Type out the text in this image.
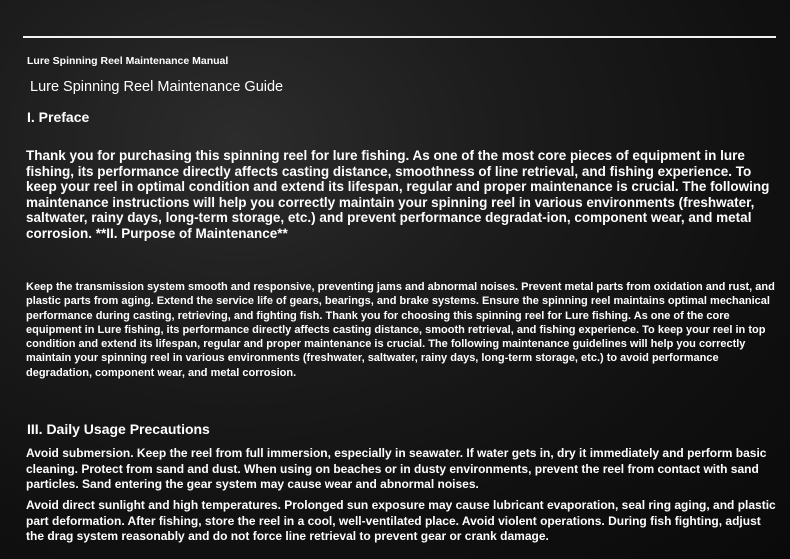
Lure Spinning Reel Maintenance Manual
Lure Spinning Reel Maintenance Guide
I. Preface
Thank you for purchasing this spinning reel for lure fishing. As one of the most core pieces of equipment in lure fishing, its performance directly affects casting distance, smoothness of line retrieval, and fishing experience. To keep your reel in optimal condition and extend its lifespan, regular and proper maintenance is crucial. The following maintenance instructions will help you correctly maintain your spinning reel in various environments (freshwater, saltwater, rainy days, long-term storage, etc.) and prevent performance degradat-ion, component wear, and metal corrosion. **II. Purpose of Maintenance**
Keep the transmission system smooth and responsive, preventing jams and abnormal noises. Prevent metal parts from oxidation and rust, and plastic parts from aging. Extend the service life of gears, bearings, and brake systems. Ensure the spinning reel maintains optimal mechanical performance during casting, retrieving, and fighting fish. Thank you for choosing this spinning reel for Lure fishing. As one of the core equipment in Lure fishing, its performance directly affects casting distance, smooth retrieval, and fishing experience. To keep your reel in top condition and extend its lifespan, regular and proper maintenance is crucial. The following maintenance guidelines will help you correctly maintain your spinning reel in various environments (freshwater, saltwater, rainy days, long-term storage, etc.) to avoid performance degradation, component wear, and metal corrosion.
III. Daily Usage Precautions
Avoid submersion. Keep the reel from full immersion, especially in seawater. If water gets in, dry it immediately and perform basic cleaning. Protect from sand and dust. When using on beaches or in dusty environments, prevent the reel from contact with sand particles. Sand entering the gear system may cause wear and abnormal noises.
Avoid direct sunlight and high temperatures. Prolonged sun exposure may cause lubricant evaporation, seal ring aging, and plastic part deformation. After fishing, store the reel in a cool, well-ventilated place. Avoid violent operations. During fish fighting, adjust the drag system reasonably and do not force line retrieval to prevent gear or crank damage.
